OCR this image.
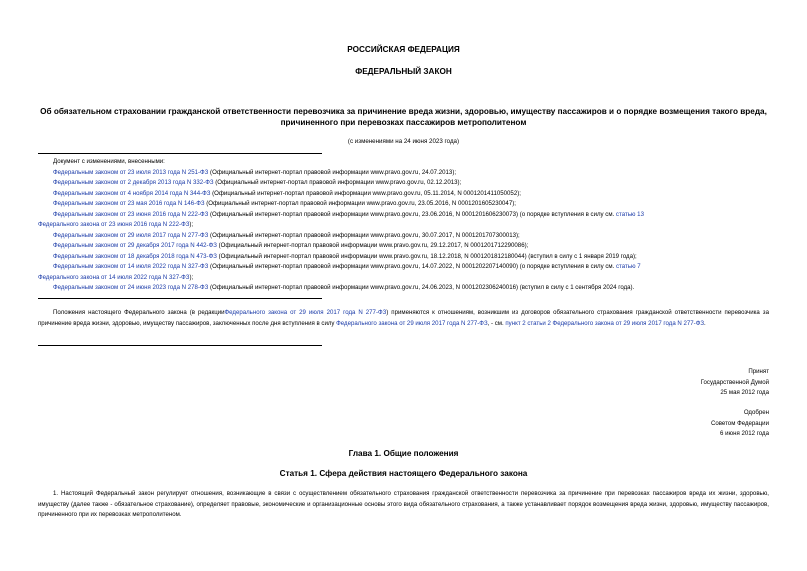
РОССИЙСКАЯ ФЕДЕРАЦИЯ
ФЕДЕРАЛЬНЫЙ ЗАКОН
Об обязательном страховании гражданской ответственности перевозчика за причинение вреда жизни, здоровью, имуществу пассажиров и о порядке возмещения такого вреда, причиненного при перевозках пассажиров метрополитеном
(с изменениями на 24 июня 2023 года)
Документ с изменениями, внесенными:
Федеральным законом от 23 июля 2013 года N 251-ФЗ (Официальный интернет-портал правовой информации www.pravo.gov.ru, 24.07.2013);
Федеральным законом от 2 декабря 2013 года N 332-ФЗ (Официальный интернет-портал правовой информации www.pravo.gov.ru, 02.12.2013);
Федеральным законом от 4 ноября 2014 года N 344-ФЗ (Официальный интернет-портал правовой информации www.pravo.gov.ru, 05.11.2014, N 0001201411050052);
Федеральным законом от 23 мая 2016 года N 146-ФЗ (Официальный интернет-портал правовой информации www.pravo.gov.ru, 23.05.2016, N 0001201605230047);
Федеральным законом от 23 июня 2016 года N 222-ФЗ (Официальный интернет-портал правовой информации www.pravo.gov.ru, 23.06.2016, N 0001201606230073) (о порядке вступления в силу см. статью 13
Федерального закона от 23 июня 2016 года N 222-ФЗ);
Федеральным законом от 29 июля 2017 года N 277-ФЗ (Официальный интернет-портал правовой информации www.pravo.gov.ru, 30.07.2017, N 0001201707300013);
Федеральным законом от 29 декабря 2017 года N 442-ФЗ (Официальный интернет-портал правовой информации www.pravo.gov.ru, 29.12.2017, N 0001201712290086);
Федеральным законом от 18 декабря 2018 года N 473-ФЗ (Официальный интернет-портал правовой информации www.pravo.gov.ru, 18.12.2018, N 0001201812180044) (вступил в силу с 1 января 2019 года);
Федеральным законом от 14 июля 2022 года N 327-ФЗ (Официальный интернет-портал правовой информации www.pravo.gov.ru, 14.07.2022, N 0001202207140090) (о порядке вступления в силу см. статью 7
Федерального закона от 14 июля 2022 года N 327-ФЗ);
Федеральным законом от 24 июня 2023 года N 278-ФЗ (Официальный интернет-портал правовой информации www.pravo.gov.ru, 24.06.2023, N 0001202306240016) (вступил в силу с 1 сентября 2024 года).
Положения настоящего Федерального закона (в редакцииФедерального закона от 29 июля 2017 года N 277-ФЗ) применяются к отношениям, возникшим из договоров обязательного страхования гражданской ответственности перевозчика за причинение вреда жизни, здоровью, имуществу пассажиров, заключенных после дня вступления в силу Федерального закона от 29 июля 2017 года N 277-ФЗ, - см. пункт 2 статьи 2 Федерального закона от 29 июля 2017 года N 277-ФЗ.
Принят
Государственной Думой
25 мая 2012 года
Одобрен
Советом Федерации
6 июня 2012 года
Глава 1. Общие положения
Статья 1. Сфера действия настоящего Федерального закона
1. Настоящий Федеральный закон регулирует отношения, возникающие в связи с осуществлением обязательного страхования гражданской ответственности перевозчика за причинение при перевозках пассажиров вреда их жизни, здоровью, имуществу (далее также - обязательное страхование), определяет правовые, экономические и организационные основы этого вида обязательного страхования, а также устанавливает порядок возмещения вреда жизни, здоровью, имуществу пассажиров, причиненного при их перевозках метрополитеном.
